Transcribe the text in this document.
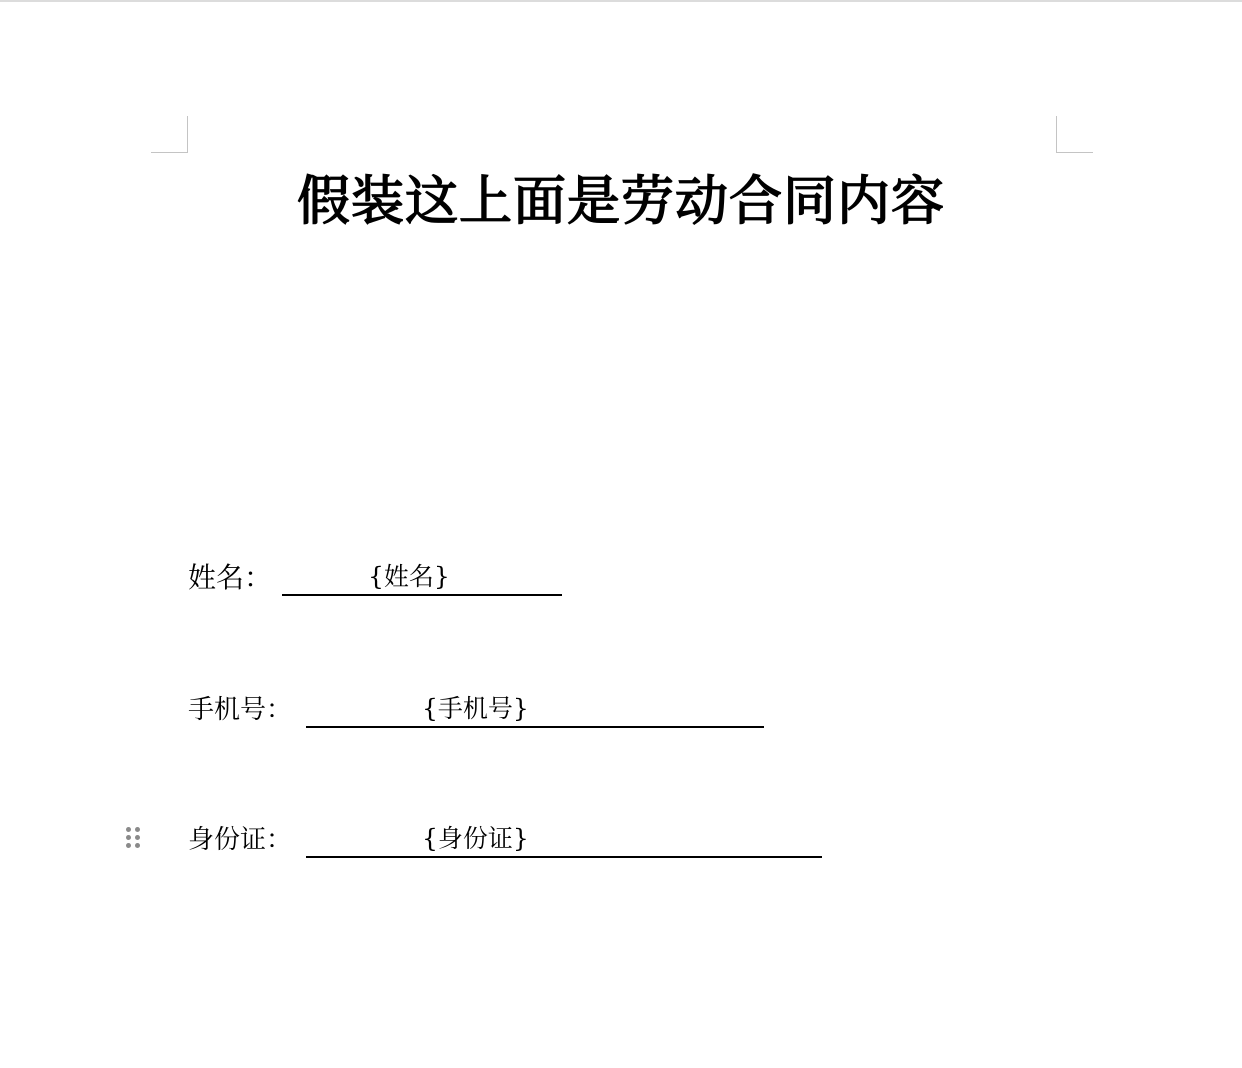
假装这上面是劳动合同内容
姓名：	{姓名}
手机号：	{手机号}
身份证：	{身份证}
